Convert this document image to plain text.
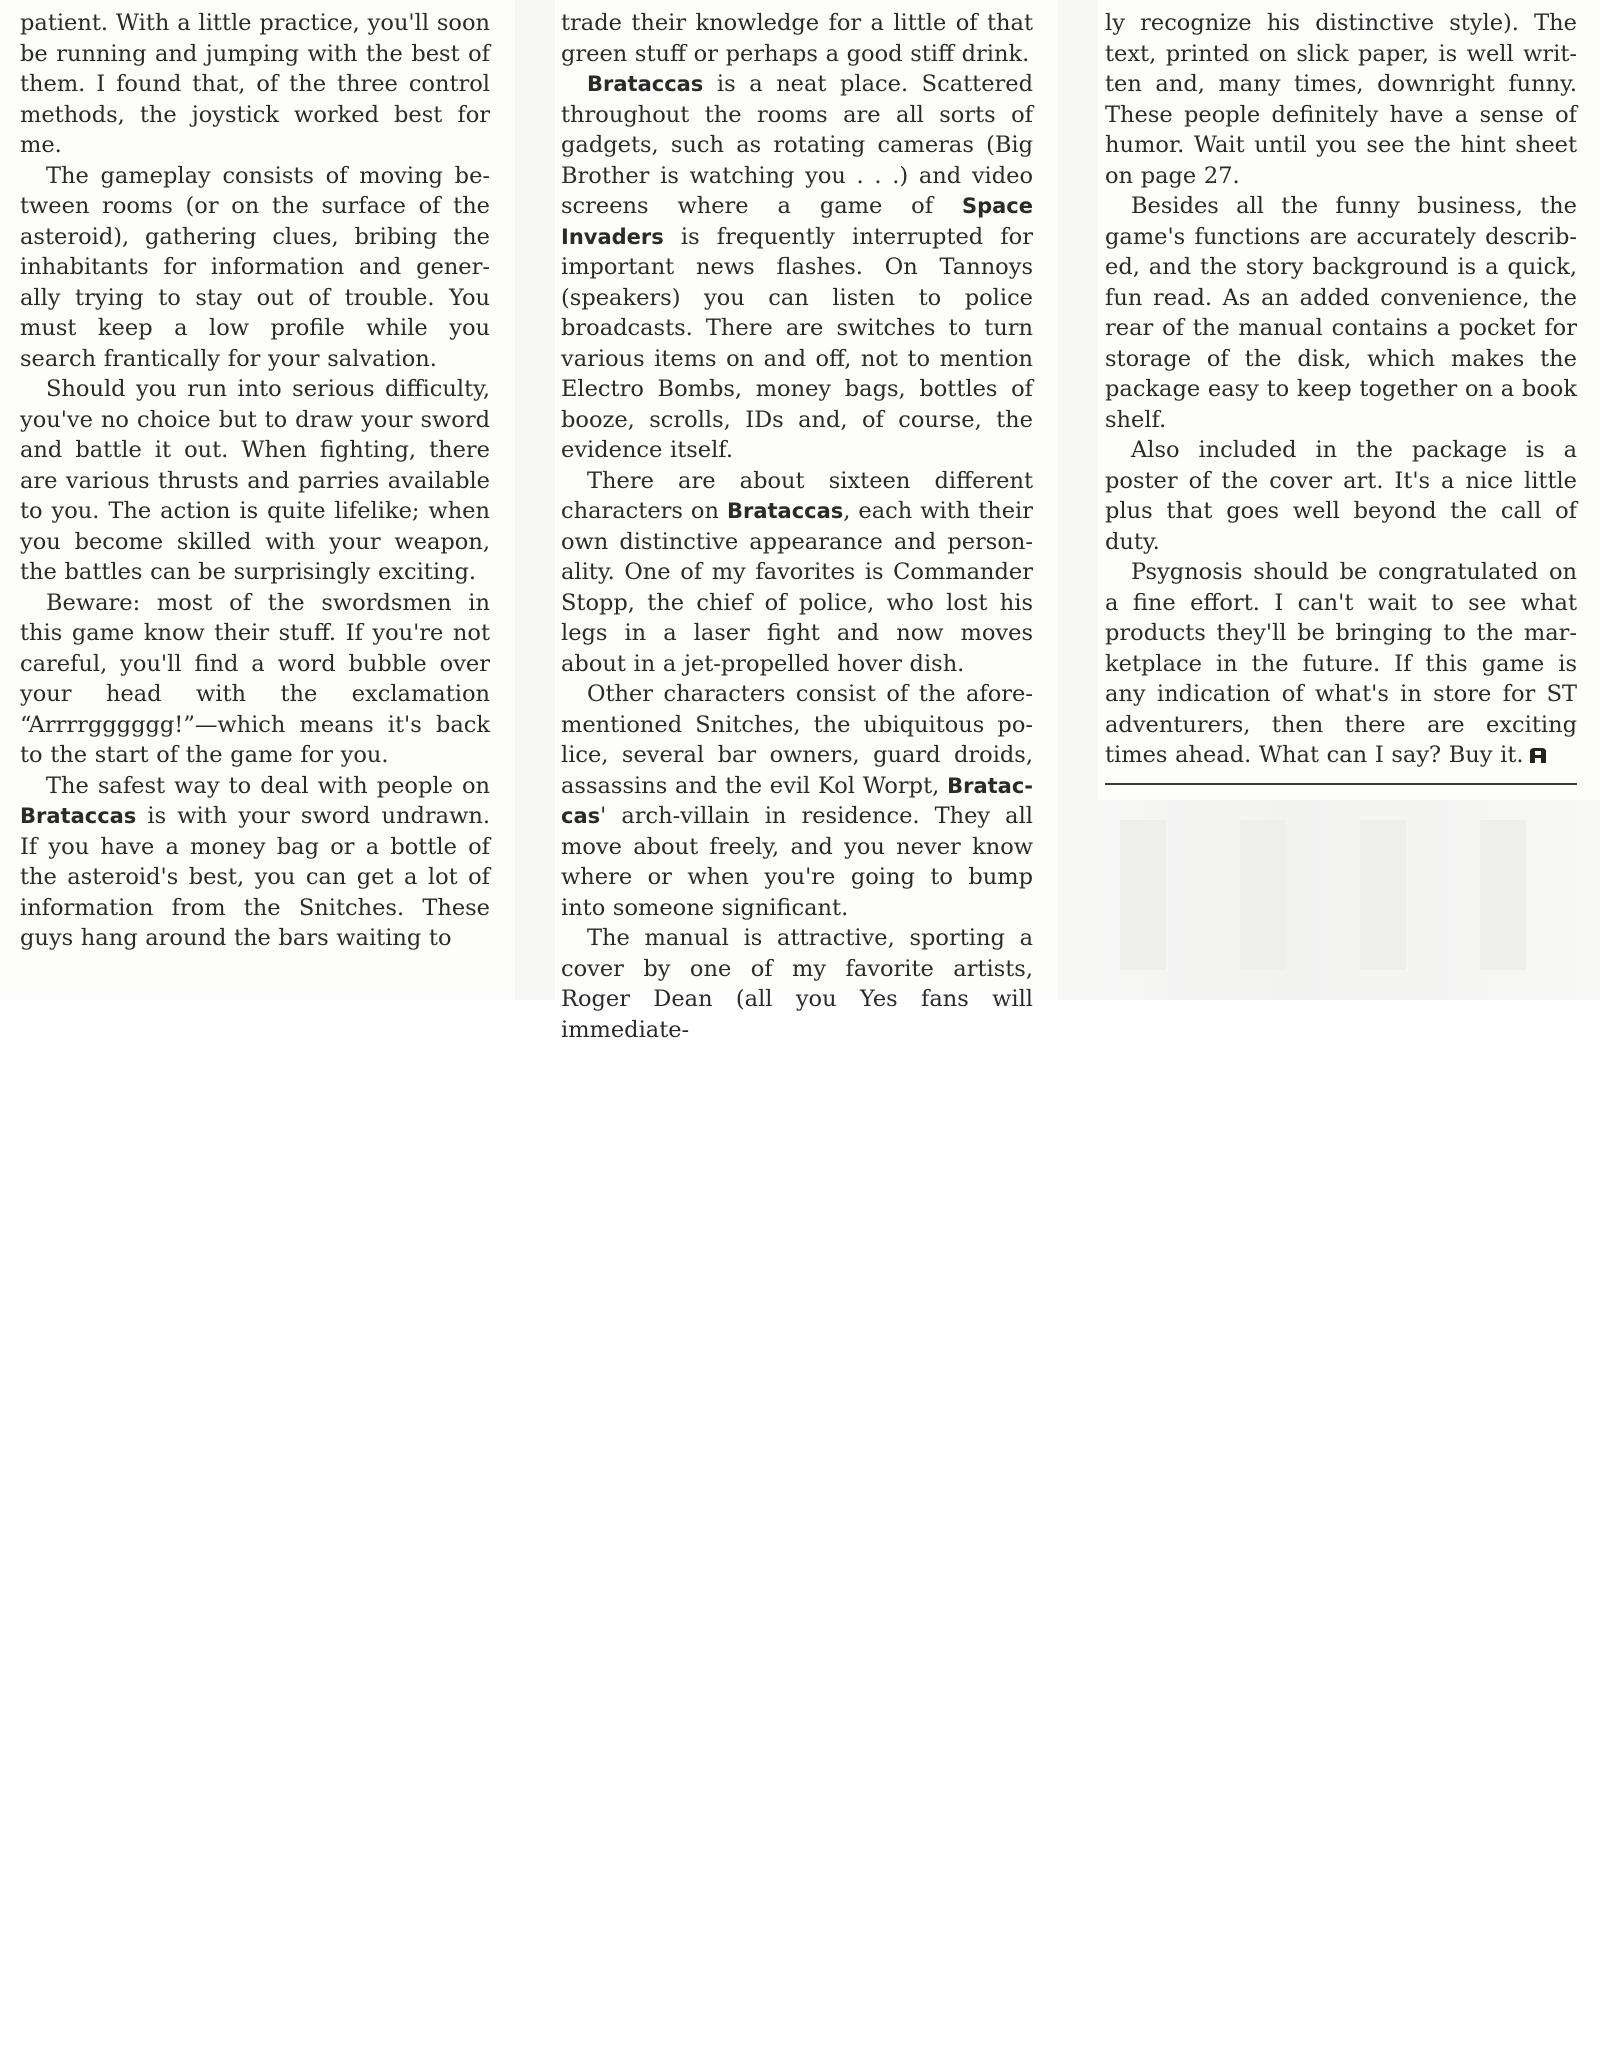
patient. With a little practice, you'll soon be running and jumping with the best of them. I found that, of the three control methods, the joystick worked best for me.

The gameplay consists of moving between rooms (or on the surface of the asteroid), gathering clues, bribing the inhabitants for information and generally trying to stay out of trouble. You must keep a low profile while you search frantically for your salvation.

Should you run into serious difficulty, you've no choice but to draw your sword and battle it out. When fighting, there are various thrusts and parries available to you. The action is quite lifelike; when you become skilled with your weapon, the battles can be surprisingly exciting.

Beware: most of the swordsmen in this game know their stuff. If you're not careful, you'll find a word bubble over your head with the exclamation “Arrrrgggggg!”—which means it's back to the start of the game for you.

The safest way to deal with people on Brataccas is with your sword undrawn. If you have a money bag or a bottle of the asteroid's best, you can get a lot of information from the Snitches. These guys hang around the bars waiting to

trade their knowledge for a little of that green stuff or perhaps a good stiff drink.

Brataccas is a neat place. Scattered throughout the rooms are all sorts of gadgets, such as rotating cameras (Big Brother is watching you . . .) and video screens where a game of Space Invaders is frequently interrupted for important news flashes. On Tannoys (speakers) you can listen to police broadcasts. There are switches to turn various items on and off, not to mention Electro Bombs, money bags, bottles of booze, scrolls, IDs and, of course, the evidence itself.

There are about sixteen different characters on Brataccas, each with their own distinctive appearance and personality. One of my favorites is Commander Stopp, the chief of police, who lost his legs in a laser fight and now moves about in a jet-propelled hover dish.

Other characters consist of the aforementioned Snitches, the ubiquitous police, several bar owners, guard droids, assassins and the evil Kol Worpt, Brataccas' arch-villain in residence. They all move about freely, and you never know where or when you're going to bump into someone significant.

The manual is attractive, sporting a cover by one of my favorite artists, Roger Dean (all you Yes fans will immediate-

ly recognize his distinctive style). The text, printed on slick paper, is well written and, many times, downright funny. These people definitely have a sense of humor. Wait until you see the hint sheet on page 27.

Besides all the funny business, the game's functions are accurately described, and the story background is a quick, fun read. As an added convenience, the rear of the manual contains a pocket for storage of the disk, which makes the package easy to keep together on a book shelf.

Also included in the package is a poster of the cover art. It's a nice little plus that goes well beyond the call of duty.

Psygnosis should be congratulated on a fine effort. I can't wait to see what products they'll be bringing to the marketplace in the future. If this game is any indication of what's in store for ST adventurers, then there are exciting times ahead. What can I say? Buy it.
